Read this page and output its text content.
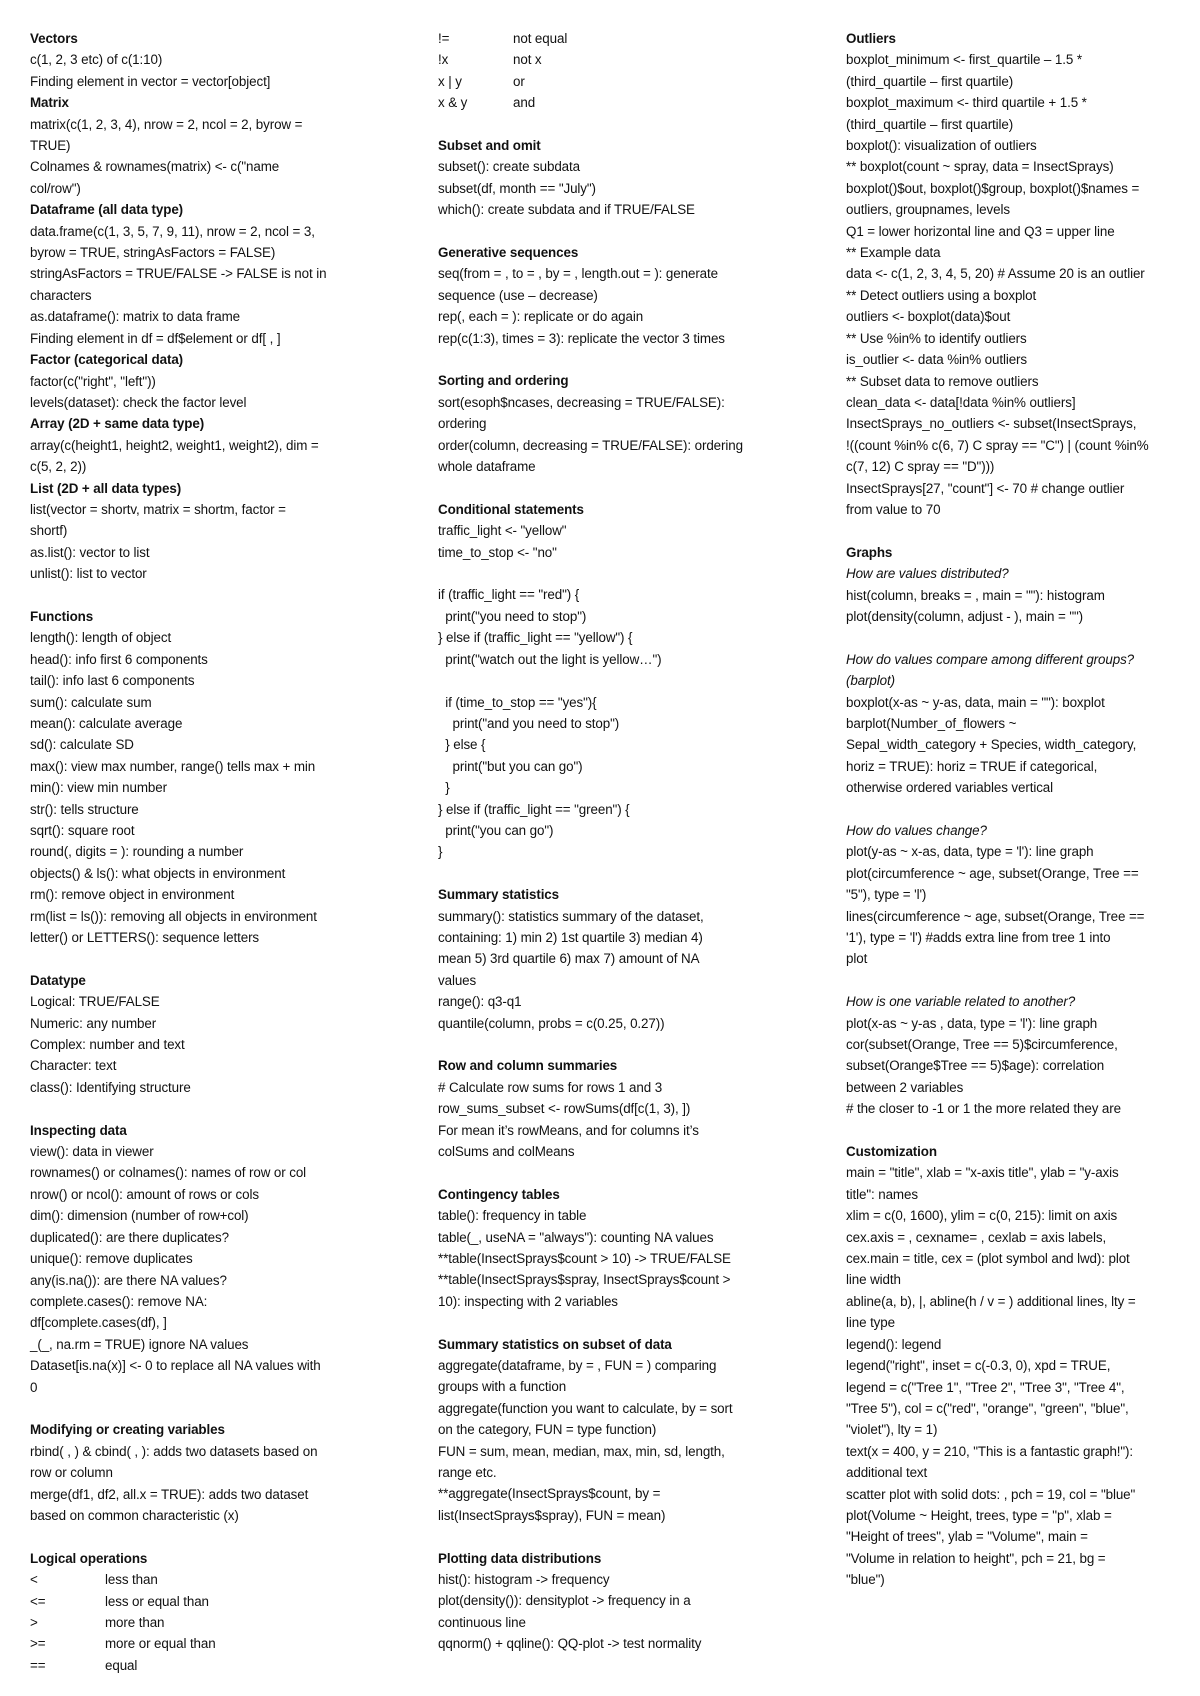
Vectors
c(1, 2, 3 etc) of c(1:10)
Finding element in vector = vector[object]
Matrix
matrix(c(1, 2, 3, 4), nrow = 2, ncol = 2, byrow =
TRUE)
Colnames & rownames(matrix) <- c("name
col/row")
Dataframe (all data type)
data.frame(c(1, 3, 5, 7, 9, 11), nrow = 2, ncol = 3,
byrow = TRUE, stringAsFactors = FALSE)
stringAsFactors = TRUE/FALSE -> FALSE is not in
characters
as.dataframe(): matrix to data frame
Finding element in df = df$element or df[ , ]
Factor (categorical data)
factor(c("right", "left"))
levels(dataset): check the factor level
Array (2D + same data type)
array(c(height1, height2, weight1, weight2), dim =
c(5, 2, 2))
List (2D + all data types)
list(vector = shortv, matrix = shortm, factor =
shortf)
as.list(): vector to list
unlist(): list to vector
Functions
length(): length of object
head(): info first 6 components
tail(): info last 6 components
sum(): calculate sum
mean(): calculate average
sd(): calculate SD
max(): view max number, range() tells max + min
min(): view min number
str(): tells structure
sqrt(): square root
round(, digits = ): rounding a number
objects() & ls(): what objects in environment
rm(): remove object in environment
rm(list = ls()): removing all objects in environment
letter() or LETTERS(): sequence letters
Datatype
Logical: TRUE/FALSE
Numeric: any number
Complex: number and text
Character: text
class(): Identifying structure
Inspecting data
view(): data in viewer
rownames() or colnames(): names of row or col
nrow() or ncol(): amount of rows or cols
dim(): dimension (number of row+col)
duplicated(): are there duplicates?
unique(): remove duplicates
any(is.na()): are there NA values?
complete.cases(): remove NA:
df[complete.cases(df), ]
_(_, na.rm = TRUE) ignore NA values
Dataset[is.na(x)] <- 0 to replace all NA values with
0
Modifying or creating variables
rbind( , ) & cbind( , ): adds two datasets based on
row or column
merge(df1, df2, all.x = TRUE): adds two dataset
based on common characteristic (x)
Logical operations
<	less than
<=	less or equal than
>	more than
>=	more or equal than
==	equal
!=	not equal
!x	not x
x | y	or
x & y	and
Subset and omit
subset(): create subdata
subset(df, month == "July")
which(): create subdata and if TRUE/FALSE
Generative sequences
seq(from = , to = , by = , length.out = ): generate
sequence (use – decrease)
rep(, each = ): replicate or do again
rep(c(1:3), times = 3): replicate the vector 3 times
Sorting and ordering
sort(esoph$ncases, decreasing = TRUE/FALSE):
ordering
order(column, decreasing = TRUE/FALSE): ordering
whole dataframe
Conditional statements
traffic_light <- "yellow"
time_to_stop <- "no"
if (traffic_light == "red") {
print("you need to stop")
} else if (traffic_light == "yellow") {
print("watch out the light is yellow…")
if (time_to_stop == "yes"){
print("and you need to stop")
} else {
print("but you can go")
}
} else if (traffic_light == "green") {
print("you can go")
}
Summary statistics
summary(): statistics summary of the dataset,
containing: 1) min 2) 1st quartile 3) median 4)
mean 5) 3rd quartile 6) max 7) amount of NA
values
range(): q3-q1
quantile(column, probs = c(0.25, 0.27))
Row and column summaries
# Calculate row sums for rows 1 and 3
row_sums_subset <- rowSums(df[c(1, 3), ])
For mean it’s rowMeans, and for columns it’s
colSums and colMeans
Contingency tables
table(): frequency in table
table(_, useNA = "always"): counting NA values
**table(InsectSprays$count > 10) -> TRUE/FALSE
**table(InsectSprays$spray, InsectSprays$count >
10): inspecting with 2 variables
Summary statistics on subset of data
aggregate(dataframe, by = , FUN = ) comparing
groups with a function
aggregate(function you want to calculate, by = sort
on the category, FUN = type function)
FUN = sum, mean, median, max, min, sd, length,
range etc.
**aggregate(InsectSprays$count, by =
list(InsectSprays$spray), FUN = mean)
Plotting data distributions
hist(): histogram -> frequency
plot(density()): densityplot -> frequency in a
continuous line
qqnorm() + qqline(): QQ-plot -> test normality
Outliers
boxplot_minimum <- first_quartile – 1.5 *
(third_quartile – first quartile)
boxplot_maximum <- third quartile + 1.5 *
(third_quartile – first quartile)
boxplot(): visualization of outliers
** boxplot(count ~ spray, data = InsectSprays)
boxplot()$out, boxplot()$group, boxplot()$names =
outliers, groupnames, levels
Q1 = lower horizontal line and Q3 = upper line
** Example data
data <- c(1, 2, 3, 4, 5, 20) # Assume 20 is an outlier
** Detect outliers using a boxplot
outliers <- boxplot(data)$out
** Use %in% to identify outliers
is_outlier <- data %in% outliers
** Subset data to remove outliers
clean_data <- data[!data %in% outliers]
InsectSprays_no_outliers <- subset(InsectSprays,
!((count %in% c(6, 7) C spray == "C") | (count %in%
c(7, 12) C spray == "D")))
InsectSprays[27, "count"] <- 70 # change outlier
from value to 70
Graphs
How are values distributed?
hist(column, breaks = , main = ""): histogram
plot(density(column, adjust - ), main = "")
How do values compare among different groups?
(barplot)
boxplot(x-as ~ y-as, data, main = ""): boxplot
barplot(Number_of_flowers ~
Sepal_width_category + Species, width_category,
horiz = TRUE): horiz = TRUE if categorical,
otherwise ordered variables vertical
How do values change?
plot(y-as ~ x-as, data, type = 'l'): line graph
plot(circumference ~ age, subset(Orange, Tree ==
"5"), type = 'l')
lines(circumference ~ age, subset(Orange, Tree ==
'1'), type = 'l') #adds extra line from tree 1 into
plot
How is one variable related to another?
plot(x-as ~ y-as , data, type = 'l'): line graph
cor(subset(Orange, Tree == 5)$circumference,
subset(Orange$Tree == 5)$age): correlation
between 2 variables
# the closer to -1 or 1 the more related they are
Customization
main = "title", xlab = "x-axis title", ylab = "y-axis
title": names
xlim = c(0, 1600), ylim = c(0, 215): limit on axis
cex.axis = , cexname= , cexlab = axis labels,
cex.main = title, cex = (plot symbol and lwd): plot
line width
abline(a, b), |, abline(h / v = ) additional lines, lty =
line type
legend(): legend
legend("right", inset = c(-0.3, 0), xpd = TRUE,
legend = c("Tree 1", "Tree 2", "Tree 3", "Tree 4",
"Tree 5"), col = c("red", "orange", "green", "blue",
"violet"), lty = 1)
text(x = 400, y = 210, "This is a fantastic graph!"):
additional text
scatter plot with solid dots: , pch = 19, col = "blue"
plot(Volume ~ Height, trees, type = "p", xlab =
"Height of trees", ylab = "Volume", main =
"Volume in relation to height", pch = 21, bg =
"blue")
